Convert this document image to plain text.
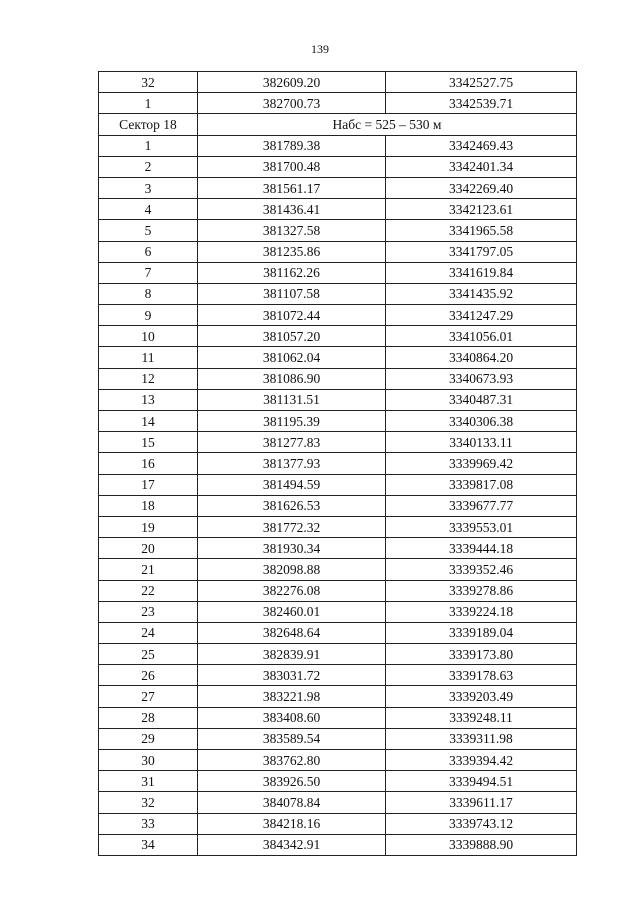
139
32	382609.20	3342527.75
1	382700.73	3342539.71
Сектор 18	Набс = 525 – 530 м	
1	381789.38	3342469.43
2	381700.48	3342401.34
3	381561.17	3342269.40
4	381436.41	3342123.61
5	381327.58	3341965.58
6	381235.86	3341797.05
7	381162.26	3341619.84
8	381107.58	3341435.92
9	381072.44	3341247.29
10	381057.20	3341056.01
11	381062.04	3340864.20
12	381086.90	3340673.93
13	381131.51	3340487.31
14	381195.39	3340306.38
15	381277.83	3340133.11
16	381377.93	3339969.42
17	381494.59	3339817.08
18	381626.53	3339677.77
19	381772.32	3339553.01
20	381930.34	3339444.18
21	382098.88	3339352.46
22	382276.08	3339278.86
23	382460.01	3339224.18
24	382648.64	3339189.04
25	382839.91	3339173.80
26	383031.72	3339178.63
27	383221.98	3339203.49
28	383408.60	3339248.11
29	383589.54	3339311.98
30	383762.80	3339394.42
31	383926.50	3339494.51
32	384078.84	3339611.17
33	384218.16	3339743.12
34	384342.91	3339888.90
